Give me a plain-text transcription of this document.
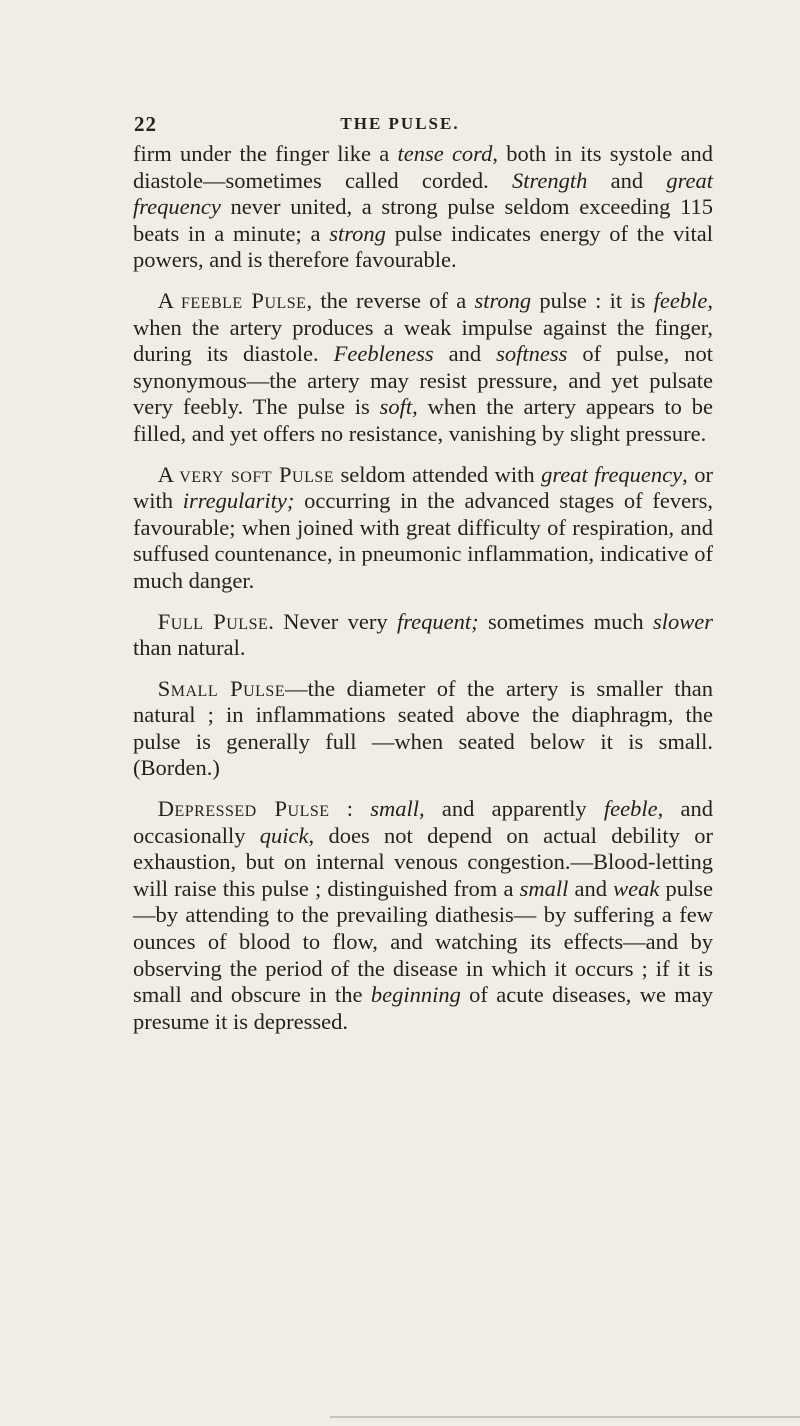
22	THE PULSE.

firm under the finger like a tense cord, both in its systole and diastole—sometimes called corded. Strength and great frequency never united, a strong pulse seldom exceeding 115 beats in a minute; a strong pulse indicates energy of the vital powers, and is therefore favourable.

A feeble Pulse, the reverse of a strong pulse : it is feeble, when the artery produces a weak impulse against the finger, during its diastole. Feebleness and softness of pulse, not synonymous—the artery may resist pressure, and yet pulsate very feebly. The pulse is soft, when the artery appears to be filled, and yet offers no resistance, vanishing by slight pressure.

A very soft Pulse seldom attended with great frequency, or with irregularity; occurring in the advanced stages of fevers, favourable; when joined with great difficulty of respiration, and suffused countenance, in pneumonic inflammation, indicative of much danger.

Full Pulse. Never very frequent; sometimes much slower than natural.

Small Pulse—the diameter of the artery is smaller than natural ; in inflammations seated above the diaphragm, the pulse is generally full —when seated below it is small. (Borden.)

Depressed Pulse : small, and apparently feeble, and occasionally quick, does not depend on actual debility or exhaustion, but on internal venous congestion.—Blood-letting will raise this pulse ; distinguished from a small and weak pulse—by attending to the prevailing diathesis— by suffering a few ounces of blood to flow, and watching its effects—and by observing the period of the disease in which it occurs ; if it is small and obscure in the beginning of acute diseases, we may presume it is depressed.
